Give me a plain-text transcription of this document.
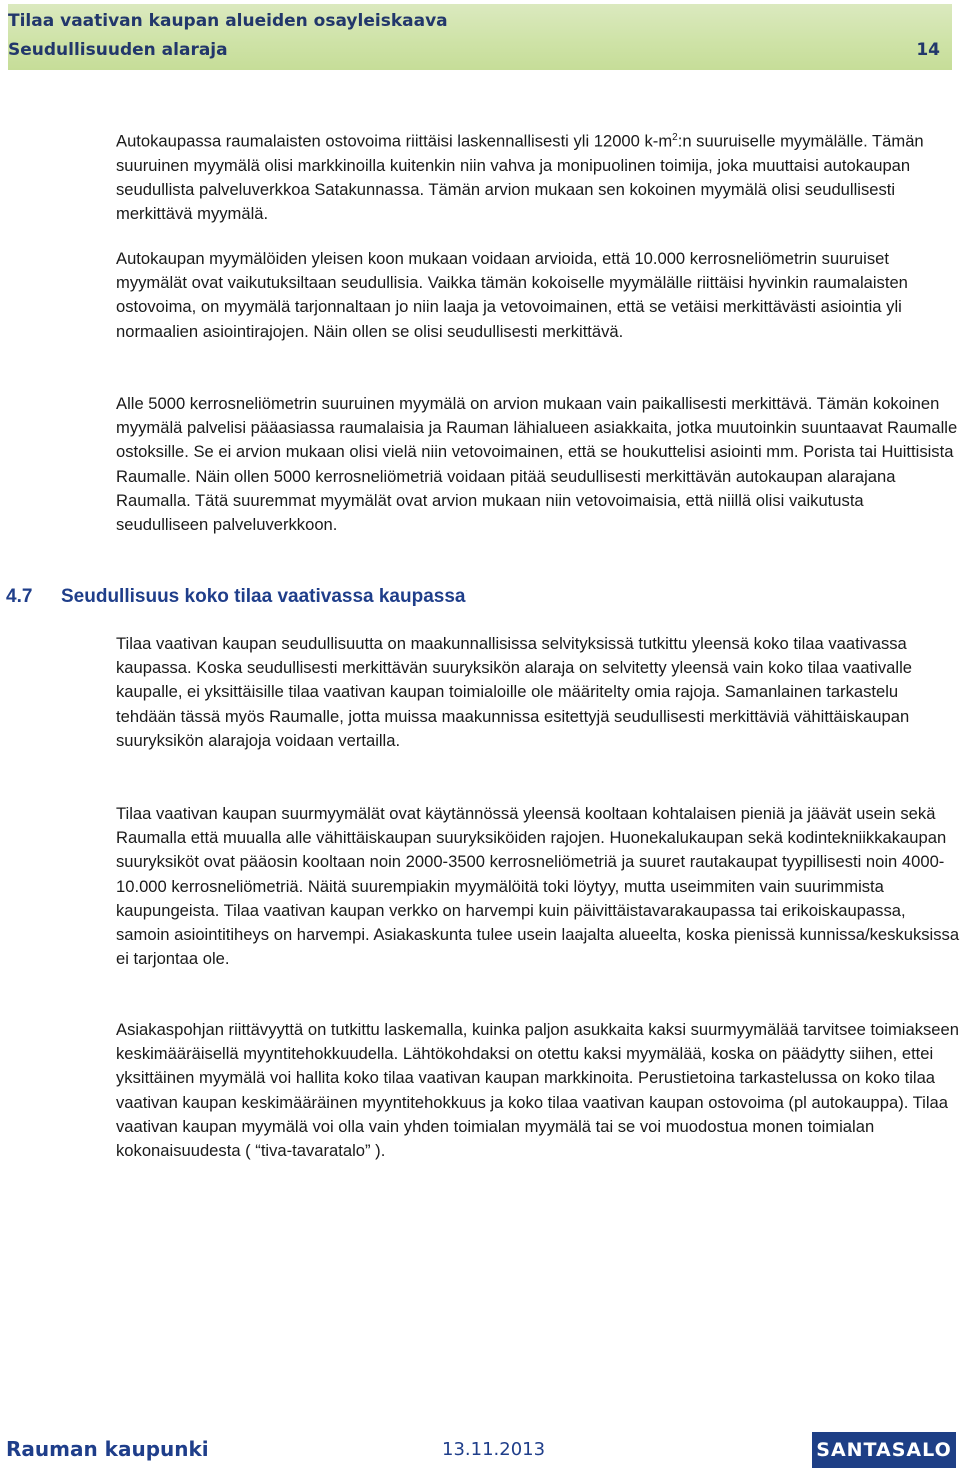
Tilaa vaativan kaupan alueiden osayleiskaava
Seudullisuuden alaraja	14

Autokaupassa raumalaisten ostovoima riittäisi laskennallisesti yli 12000 $k-m^2:n$ suuruiselle myymälälle. Tämän suuruinen myymälä olisi markkinoilla kuitenkin niin vahva ja monipuolinen toimija, joka muuttaisi autokaupan seudullista palveluverkkoa Satakunnassa. Tämän arvion mukaan sen kokoinen myymälä olisi seudullisesti merkittävä myymälä.

Autokaupan myymälöiden yleisen koon mukaan voidaan arvioida, että 10.000 kerrosneliömetrin suuruiset myymälät ovat vaikutuksiltaan seudullisia. Vaikka tämän kokoiselle myymälälle riittäisi hyvinkin raumalaisten ostovoima, on myymälä tarjonnaltaan jo niin laaja ja vetovoimainen, että se vetäisi merkittävästi asiointia yli normaalien asiointirajojen. Näin ollen se olisi seudullisesti merkittävä.

Alle 5000 kerrosneliömetrin suuruinen myymälä on arvion mukaan vain paikallisesti merkittävä. Tämän kokoinen myymälä palvelisi pääasiassa raumalaisia ja Rauman lähialueen asiakkaita, jotka muutoinkin suuntaavat Raumalle ostoksille. Se ei arvion mukaan olisi vielä niin vetovoimainen, että se houkuttelisi asiointi mm. Porista tai Huittisista Raumalle. Näin ollen 5000 kerrosneliömetriä voidaan pitää seudullisesti merkittävän autokaupan alarajana Raumalla. Tätä suuremmat myymälät ovat arvion mukaan niin vetovoimaisia, että niillä olisi vaikutusta seudulliseen palveluverkkoon.

Tilaa vaativan kaupan seudullisuutta on maakunnallisissa selvityksissä tutkittu yleensä koko tilaa vaativassa kaupassa. Koska seudullisesti merkittävän suuryksikön alaraja on selvitetty yleensä vain koko tilaa vaativalle kaupalle, ei yksittäisille tilaa vaativan kaupan toimialoille ole määritelty omia rajoja. Samanlainen tarkastelu tehdään tässä myös Raumalle, jotta muissa maakunnissa esitettyjä seudullisesti merkittäviä vähittäiskaupan suuryksikön alarajoja voidaan vertailla.

Tilaa vaativan kaupan suurmyymälät ovat käytännössä yleensä kooltaan kohtalaisen pieniä ja jäävät usein sekä Raumalla että muualla alle vähittäiskaupan suuryksiköiden rajojen. Huonekalukaupan sekä kodintekniikkakaupan suuryksiköt ovat pääosin kooltaan noin 2000-3500 kerrosneliömetriä ja suuret rautakaupat tyypillisesti noin 4000-10.000 kerrosneliömetriä. Näitä suurempiakin myymälöitä toki löytyy, mutta useimmiten vain suurimmista kaupungeista. Tilaa vaativan kaupan verkko on harvempi kuin päivittäistavarakaupassa tai erikoiskaupassa, samoin asiointitiheys on harvempi. Asiakaskunta tulee usein laajalta alueelta, koska pienissä kunnissa/keskuksissa ei tarjontaa ole.

Asiakaspohjan riittävyyttä on tutkittu laskemalla, kuinka paljon asukkaita kaksi suurmyymälää tarvitsee toimiakseen keskimääräisellä myyntitehokkuudella. Lähtökohdaksi on otettu kaksi myymälää, koska on päädytty siihen, ettei yksittäinen myymälä voi hallita koko tilaa vaativan kaupan markkinoita. Perustietoina tarkastelussa on koko tilaa vaativan kaupan keskimääräinen myyntitehokkuus ja koko tilaa vaativan kaupan ostovoima (pl autokauppa). Tilaa vaativan kaupan myymälä voi olla vain yhden toimialan myymälä tai se voi muodostua monen toimialan kokonaisuudesta ( “tiva-tavaratalo” ).

4.7 Seudullisuus koko tilaa vaativassa kaupassa
Rauman kaupunki	13.11.2013	SANTASALO
